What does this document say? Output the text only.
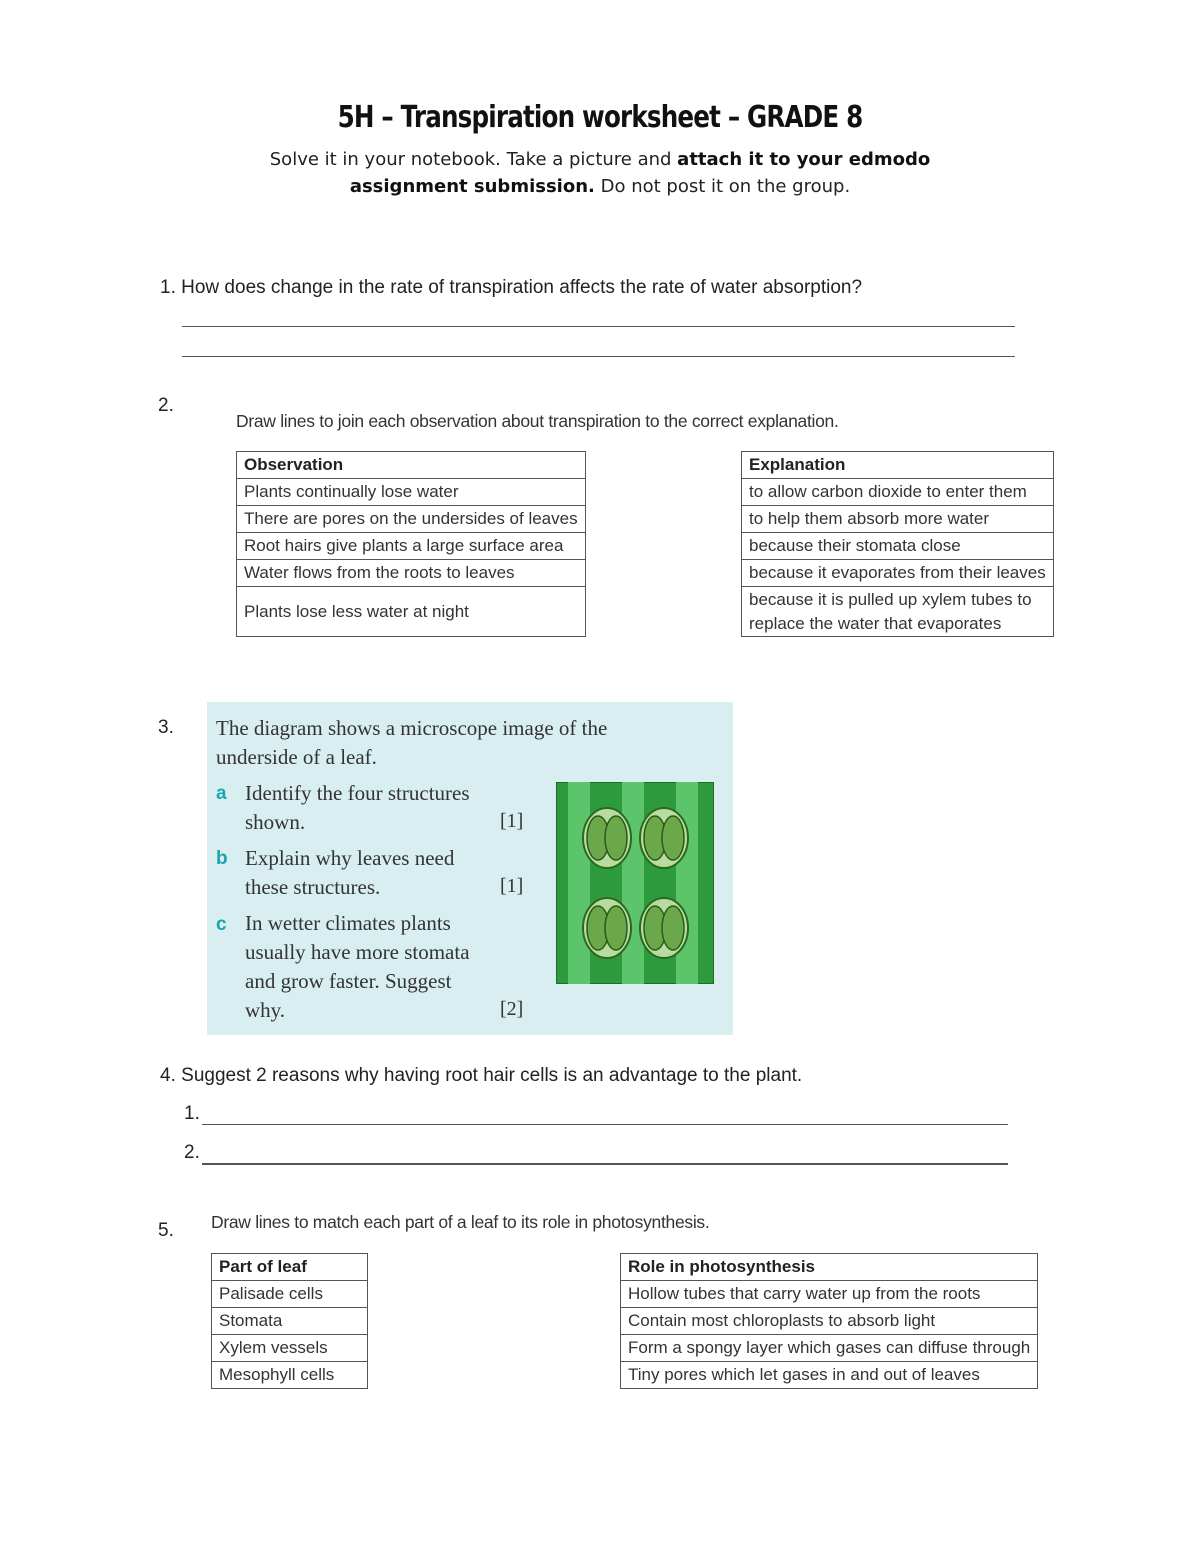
5H – Transpiration worksheet – GRADE 8
Solve it in your notebook. Take a picture and attach it to your edmodo
assignment submission. Do not post it on the group.
1. How does change in the rate of transpiration affects the rate of water absorption?
2.
Draw lines to join each observation about transpiration to the correct explanation.
Observation
Plants continually lose water
There are pores on the undersides of leaves
Root hairs give plants a large surface area
Water flows from the roots to leaves
Plants lose less water at night
Explanation
to allow carbon dioxide to enter them
to help them absorb more water
because their stomata close
because it evaporates from their leaves
because it is pulled up xylem tubes to
replace the water that evaporates
3. The diagram shows a microscope image of the
underside of a leaf.
a Identify the four structures
shown.	[1]
b Explain why leaves need
these structures.	[1]
c In wetter climates plants
usually have more stomata
and grow faster. Suggest
why.	[2]
4. Suggest 2 reasons why having root hair cells is an advantage to the plant.
1.
2.
5. Draw lines to match each part of a leaf to its role in photosynthesis.
Part of leaf
Palisade cells
Stomata
Xylem vessels
Mesophyll cells
Role in photosynthesis
Hollow tubes that carry water up from the roots
Contain most chloroplasts to absorb light
Form a spongy layer which gases can diffuse through
Tiny pores which let gases in and out of leaves
